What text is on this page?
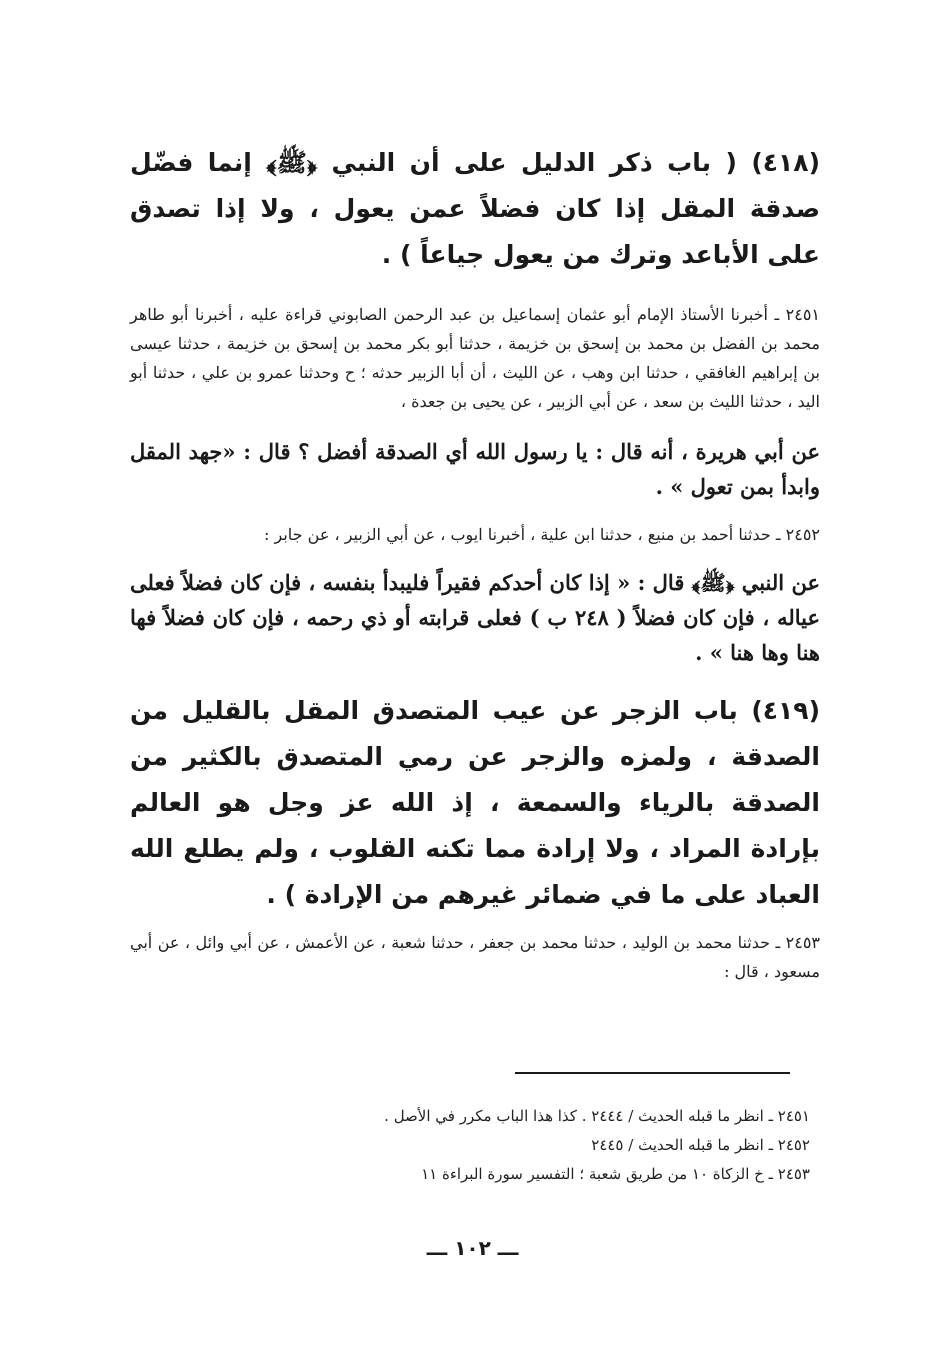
(٤١٨) ( باب ذكر الدليل على أن النبي ﴿ﷺ﴾ إنما فضّل صدقة المقل إذا كان فضلاً عمن يعول ، ولا إذا تصدق على الأباعد وترك من يعول جياعاً ) .

٢٤٥١ ـ أخبرنا الأستاذ الإمام أبو عثمان إسماعيل بن عبد الرحمن الصابوني قراءة عليه ، أخبرنا أبو طاهر محمد بن الفضل بن محمد بن إسحق بن خزيمة ، حدثنا أبو بكر محمد بن إسحق بن خزيمة ، حدثنا عيسى بن إبراهيم الغافقي ، حدثنا ابن وهب ، عن الليث ، أن أبا الزبير حدثه ؛ ح وحدثنا عمرو بن علي ، حدثنا أبو اليد ، حدثنا الليث بن سعد ، عن أبي الزبير ، عن يحيى بن جعدة ،

عن أبي هريرة ، أنه قال : يا رسول الله أي الصدقة أفضل ؟ قال : «جهد المقل وابدأ بمن تعول » .

٢٤٥٢ ـ حدثنا أحمد بن منيع ، حدثنا ابن علية ، أخبرنا ايوب ، عن أبي الزبير ، عن جابر :

عن النبي ﴿ﷺ﴾ قال : « إذا كان أحدكم فقيراً فليبدأ بنفسه ، فإن كان فضلاً فعلى عياله ، فإن كان فضلاً ( ٢٤٨ ب ) فعلى قرابته أو ذي رحمه ، فإن كان فضلاً فها هنا وها هنا » .

(٤١٩) باب الزجر عن عيب المتصدق المقل بالقليل من الصدقة ، ولمزه والزجر عن رمي المتصدق بالكثير من الصدقة بالرياء والسمعة ، إذ الله عز وجل هو العالم بإرادة المراد ، ولا إرادة مما تكنه القلوب ، ولم يطلع الله العباد على ما في ضمائر غيرهم من الإرادة ) .

٢٤٥٣ ـ حدثنا محمد بن الوليد ، حدثنا محمد بن جعفر ، حدثنا شعبة ، عن الأعمش ، عن أبي وائل ، عن أبي مسعود ، قال :

٢٤٥١ ـ انظر ما قبله الحديث / ٢٤٤٤ . كذا هذا الباب مكرر في الأصل .

٢٤٥٢ ـ انظر ما قبله الحديث / ٢٤٤٥

٢٤٥٣ ـ خ الزكاة ١٠ من طريق شعبة ؛ التفسير سورة البراءة ١١

ـــ ١٠٢ ـــ
